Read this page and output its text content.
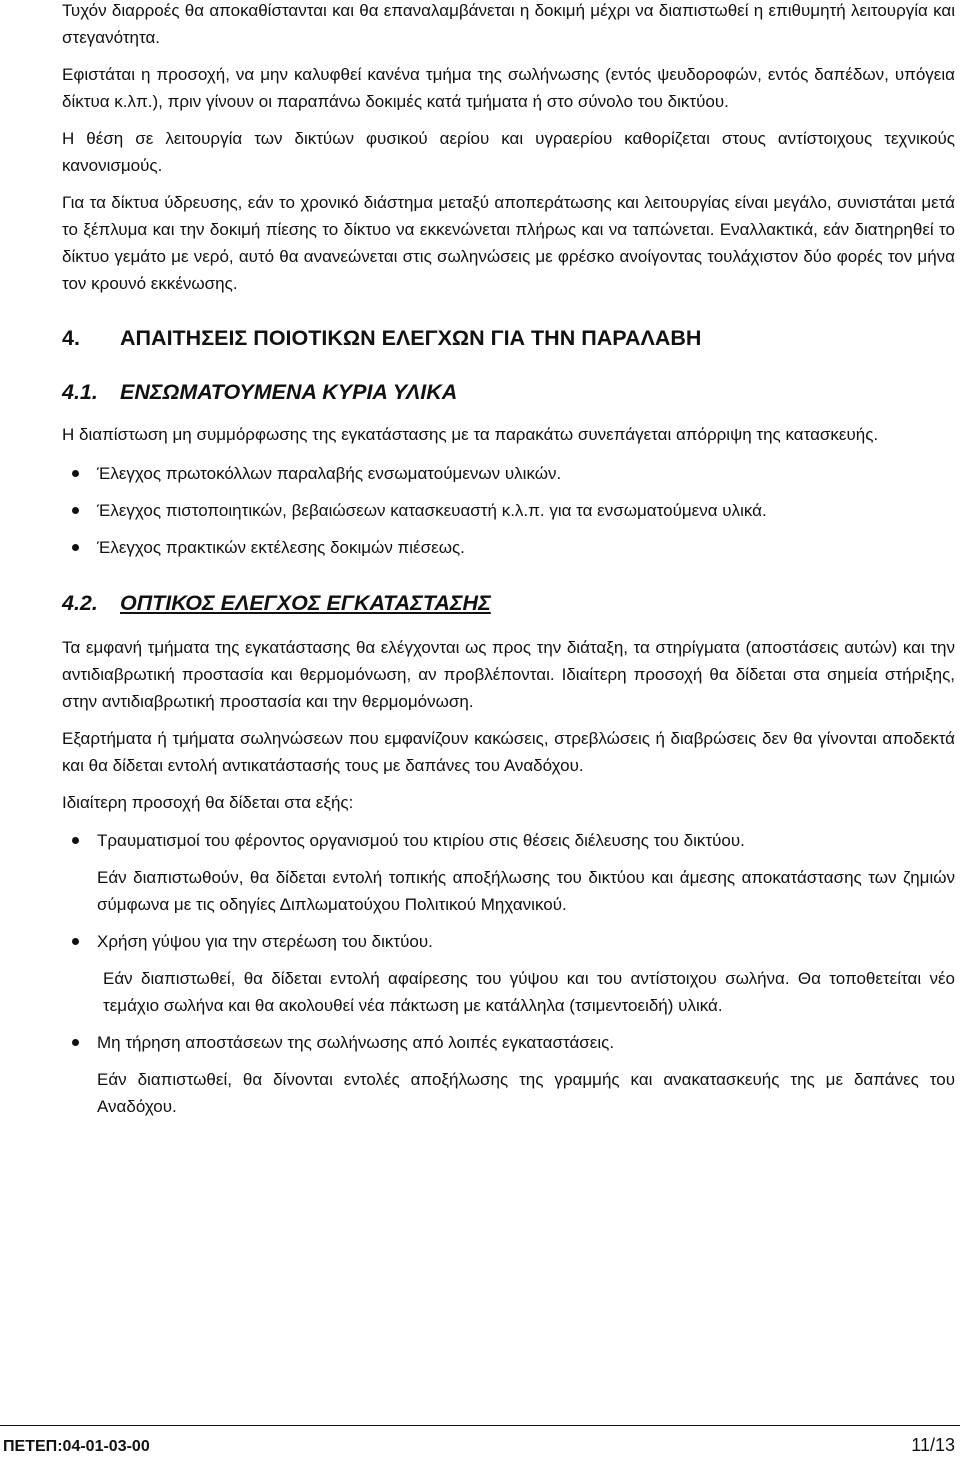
Τυχόν διαρροές θα αποκαθίστανται και θα επαναλαμβάνεται η δοκιμή μέχρι να διαπιστωθεί η επιθυμητή λειτουργία και στεγανότητα.

Εφιστάται η προσοχή, να μην καλυφθεί κανένα τμήμα της σωλήνωσης (εντός ψευδοροφών, εντός δαπέδων, υπόγεια δίκτυα κ.λπ.), πριν γίνουν οι παραπάνω δοκιμές κατά τμήματα ή στο σύνολο του δικτύου.

Η θέση σε λειτουργία των δικτύων φυσικού αερίου και υγραερίου καθορίζεται στους αντίστοιχους τεχνικούς κανονισμούς.

Για τα δίκτυα ύδρευσης, εάν το χρονικό διάστημα μεταξύ αποπεράτωσης και λειτουργίας είναι μεγάλο, συνιστάται μετά το ξέπλυμα και την δοκιμή πίεσης το δίκτυο να εκκενώνεται πλήρως και να ταπώνεται. Εναλλακτικά, εάν διατηρηθεί το δίκτυο γεμάτο με νερό, αυτό θα ανανεώνεται στις σωληνώσεις με φρέσκο ανοίγοντας τουλάχιστον δύο φορές τον μήνα τον κρουνό εκκένωσης.

4.	ΑΠΑΙΤΗΣΕΙΣ ΠΟΙΟΤΙΚΩΝ ΕΛΕΓΧΩΝ ΓΙΑ ΤΗΝ ΠΑΡΑΛΑΒΗ
4.1.	ΕΝΣΩΜΑΤΟΥΜΕΝΑ ΚΥΡΙΑ ΥΛΙΚΑ

Η διαπίστωση μη συμμόρφωσης της εγκατάστασης με τα παρακάτω συνεπάγεται απόρριψη της κατασκευής.

Έλεγχος πρωτοκόλλων παραλαβής ενσωματούμενων υλικών.
Έλεγχος πιστοποιητικών, βεβαιώσεων κατασκευαστή κ.λ.π. για τα ενσωματούμενα υλικά.
Έλεγχος πρακτικών εκτέλεσης δοκιμών πιέσεως.
4.2.	ΟΠΤΙΚΟΣ ΕΛΕΓΧΟΣ ΕΓΚΑΤΑΣΤΑΣΗΣ

Τα εμφανή τμήματα της εγκατάστασης θα ελέγχονται ως προς την διάταξη, τα στηρίγματα (αποστάσεις αυτών) και την αντιδιαβρωτική προστασία και θερμομόνωση, αν προβλέπονται. Ιδιαίτερη προσοχή θα δίδεται στα σημεία στήριξης, στην αντιδιαβρωτική προστασία και την θερμομόνωση.

Εξαρτήματα ή τμήματα σωληνώσεων που εμφανίζουν κακώσεις, στρεβλώσεις ή διαβρώσεις δεν θα γίνονται αποδεκτά και θα δίδεται εντολή αντικατάστασής τους με δαπάνες του Αναδόχου.

Ιδιαίτερη προσοχή θα δίδεται στα εξής:

Τραυματισμοί του φέροντος οργανισμού του κτιρίου στις θέσεις διέλευσης του δικτύου.

Εάν διαπιστωθούν, θα δίδεται εντολή τοπικής αποξήλωσης του δικτύου και άμεσης αποκατάστασης των ζημιών σύμφωνα με τις οδηγίες Διπλωματούχου Πολιτικού Μηχανικού.

Χρήση γύψου για την στερέωση του δικτύου.

Εάν διαπιστωθεί, θα δίδεται εντολή αφαίρεσης του γύψου και του αντίστοιχου σωλήνα. Θα τοποθετείται νέο τεμάχιο σωλήνα και θα ακολουθεί νέα πάκτωση με κατάλληλα (τσιμεντοειδή) υλικά.

Μη τήρηση αποστάσεων της σωλήνωσης από λοιπές εγκαταστάσεις.

Εάν διαπιστωθεί, θα δίνονται εντολές αποξήλωσης της γραμμής και ανακατασκευής της με δαπάνες του Αναδόχου.

ΠΕΤΕΠ:04-01-03-00	11/13
